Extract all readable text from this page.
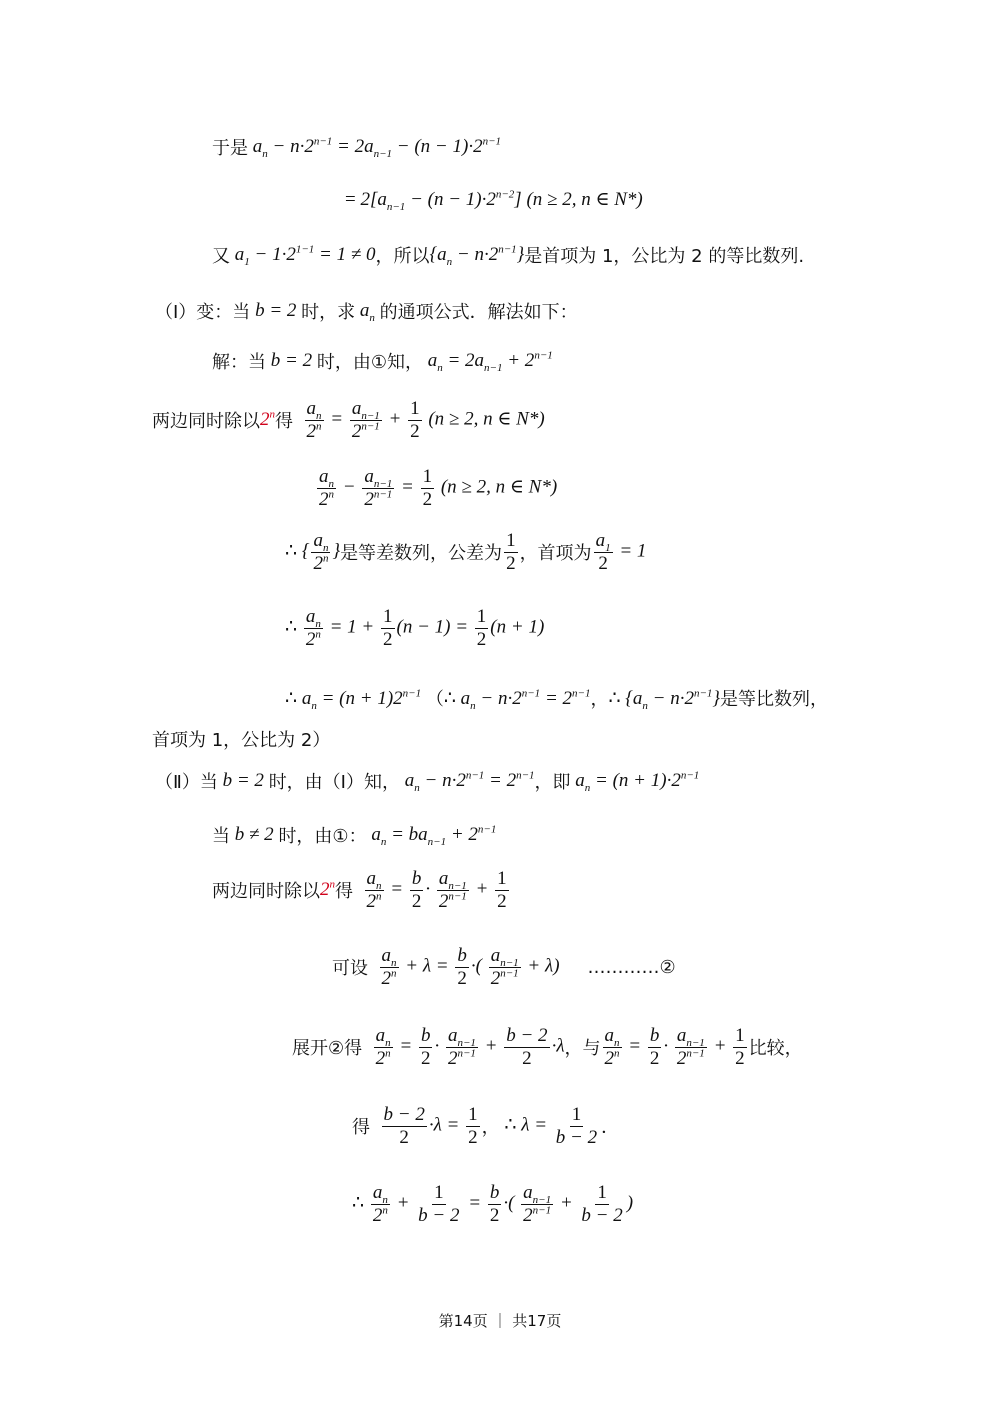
于是 $a_n - n\cdot 2^{n-1} = 2a_{n-1} - (n - 1)\cdot 2^{n-1}$
= $2[a_{n-1} - (n - 1)\cdot 2^{n-2}] (n \ge 2$, n ∈ N*)
又 $a_1 - 1\cdot 2^{1-1} = 1 \ne 0$ ，所以 $\{a_n - n\cdot 2^{n-1}\}$ 是首项为 1，公比为 2 的等比数列.
（Ⅰ）变：当 b = 2 时，求 $a_n$ 的通项公式．解法如下：
解：当 b = 2 时，由①知， $a_n = 2a_{n-1} + 2^{n-1}$
两边同时除以 2$^n$ 得
$\frac{a_n}{2^n} = \frac{a_{n-1}}{2^{n-1}} + \frac{1}{2} (n \ge 2$, n ∈ N*)
$\frac{a_n}{2^n} - \frac{a_{n-1}}{2^{n-1}} = \frac{1}{2} (n \ge 2$, n ∈ N*)
∴ { $\frac{a_n}{2^n}$ } 是等差数列，公差为 $\frac{1}{2}$ ，首项为 $\frac{a_1}{2} = 1$
∴ $\frac{a_n}{2^n} = 1 + \frac{1}{2} (n - 1) = \frac{1}{2} (n + 1)$
∴ $a_n = (n + 1)2^{n-1}$ （ ∴ $a_n - n\cdot 2^{n-1} = 2^{n-1}$ ， ∴ $\{a_n - n\cdot 2^{n-1}\}$ 是等比数列，
首项为 1，公比为 2）
（Ⅱ）当 b = 2 时，由（Ⅰ）知， $a_n - n\cdot 2^{n-1} = 2^{n-1}$ ，即 $a_n = (n + 1)\cdot 2^{n-1}$
当 b ≠ 2 时，由①： $a_n = ba_{n-1} + 2^{n-1}$
两边同时除以 2$^n$ 得
$\frac{a_n}{2^n} = \frac{b}{2} \cdot \frac{a_{n-1}}{2^{n-1}} + \frac{1}{2}$
可设
$\frac{a_n}{2^n} + \lambda = \frac{b}{2}$ ·( $\frac{a_{n-1}}{2^{n-1}} + \lambda$) …………②
展开②得
$\frac{a_n}{2^n} = \frac{b}{2} \cdot \frac{a_{n-1}}{2^{n-1}} + \frac{b - 2}{2} \cdot\lambda$ ，与 $\frac{a_n}{2^n} = \frac{b}{2} \cdot \frac{a_{n-1}}{2^{n-1}} + \frac{1}{2}$ 比较，
得
$\frac{b - 2}{2} \cdot\lambda = \frac{1}{2}$ ， ∴ $\lambda = \frac{1}{b - 2}$ ．
∴ $\frac{a_n}{2^n} + \frac{1}{b - 2} = \frac{b}{2}$ ·( $\frac{a_{n-1}}{2^{n-1}} + \frac{1}{b - 2}$ )
第14页 ｜ 共17页
